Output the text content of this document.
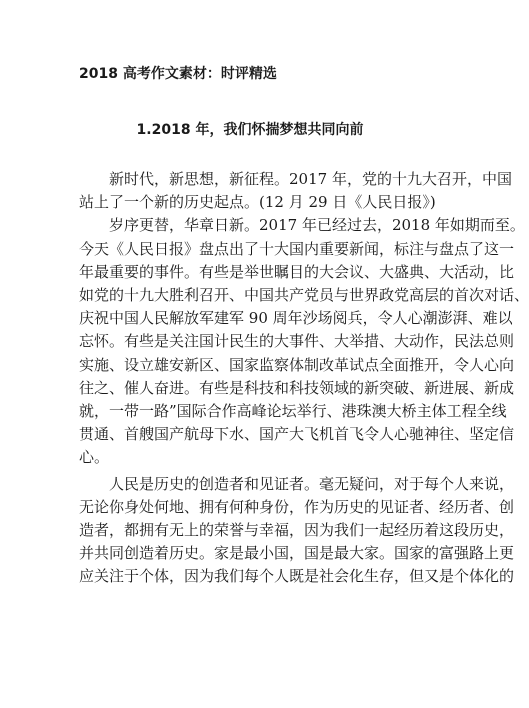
2018 高考作文素材：时评精选
1.2018 年，我们怀揣梦想共同向前
　　新时代，新思想，新征程。2017 年，党的十九大召开，中国
站上了一个新的历史起点。(12 月 29 日《人民日报》)
　　岁序更替，华章日新。2017 年已经过去，2018 年如期而至。
今天《人民日报》盘点出了十大国内重要新闻，标注与盘点了这一
年最重要的事件。有些是举世瞩目的大会议、大盛典、大活动，比
如党的十九大胜利召开、中国共产党员与世界政党高层的首次对话、
庆祝中国人民解放军建军 90 周年沙场阅兵，令人心潮澎湃、难以
忘怀。有些是关注国计民生的大事件、大举措、大动作，民法总则
实施、设立雄安新区、国家监察体制改革试点全面推开，令人心向
往之、催人奋进。有些是科技和科技领域的新突破、新进展、新成
就，一带一路”国际合作高峰论坛举行、港珠澳大桥主体工程全线
贯通、首艘国产航母下水、国产大飞机首飞令人心驰神往、坚定信
心。
　　人民是历史的创造者和见证者。毫无疑问，对于每个人来说，
无论你身处何地、拥有何种身份，作为历史的见证者、经历者、创
造者，都拥有无上的荣誉与幸福，因为我们一起经历着这段历史，
并共同创造着历史。家是最小国，国是最大家。国家的富强路上更
应关注于个体，因为我们每个人既是社会化生存，但又是个体化的
